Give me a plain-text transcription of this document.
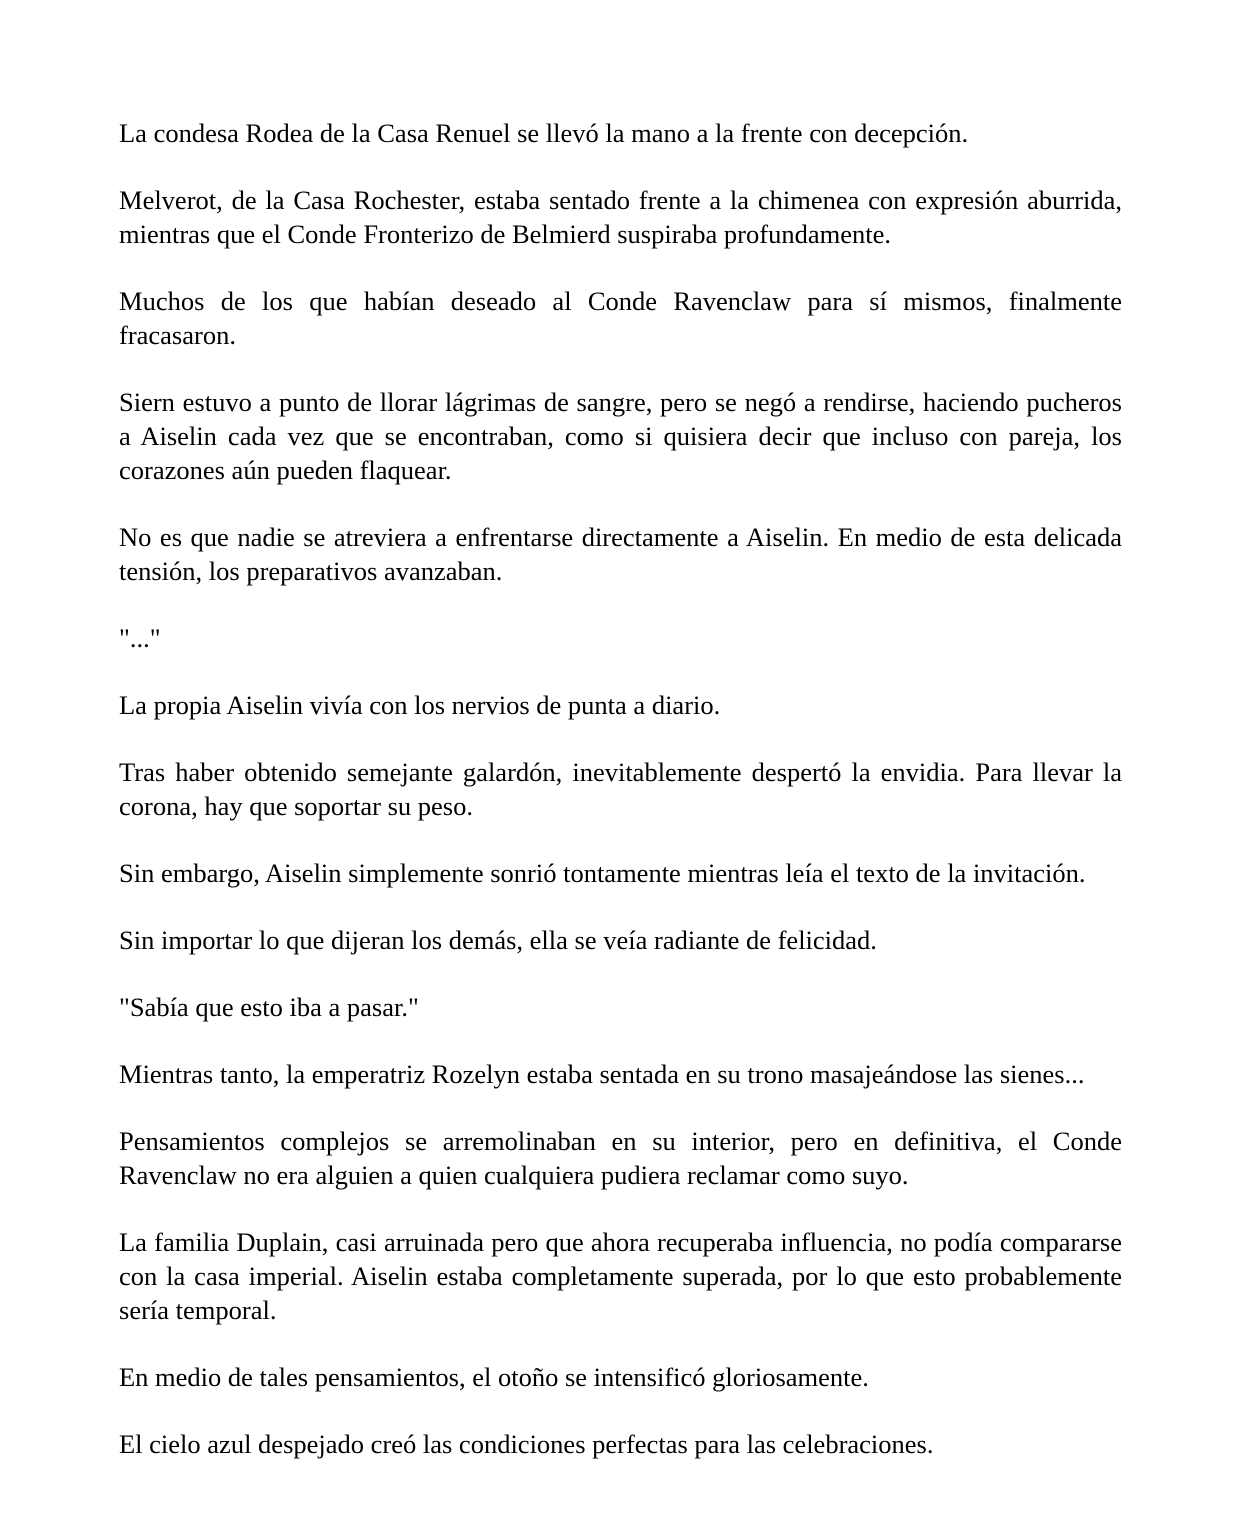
La condesa Rodea de la Casa Renuel se llevó la mano a la frente con decepción.

Melverot, de la Casa Rochester, estaba sentado frente a la chimenea con expresión aburrida, mientras que el Conde Fronterizo de Belmierd suspiraba profundamente.

Muchos de los que habían deseado al Conde Ravenclaw para sí mismos, finalmente fracasaron.

Siern estuvo a punto de llorar lágrimas de sangre, pero se negó a rendirse, haciendo pucheros a Aiselin cada vez que se encontraban, como si quisiera decir que incluso con pareja, los corazones aún pueden flaquear.

No es que nadie se atreviera a enfrentarse directamente a Aiselin. En medio de esta delicada tensión, los preparativos avanzaban.

"..."

La propia Aiselin vivía con los nervios de punta a diario.

Tras haber obtenido semejante galardón, inevitablemente despertó la envidia. Para llevar la corona, hay que soportar su peso.

Sin embargo, Aiselin simplemente sonrió tontamente mientras leía el texto de la invitación.

Sin importar lo que dijeran los demás, ella se veía radiante de felicidad.

"Sabía que esto iba a pasar."

Mientras tanto, la emperatriz Rozelyn estaba sentada en su trono masajeándose las sienes...

Pensamientos complejos se arremolinaban en su interior, pero en definitiva, el Conde Ravenclaw no era alguien a quien cualquiera pudiera reclamar como suyo.

La familia Duplain, casi arruinada pero que ahora recuperaba influencia, no podía compararse con la casa imperial. Aiselin estaba completamente superada, por lo que esto probablemente sería temporal.

En medio de tales pensamientos, el otoño se intensificó gloriosamente.

El cielo azul despejado creó las condiciones perfectas para las celebraciones.
